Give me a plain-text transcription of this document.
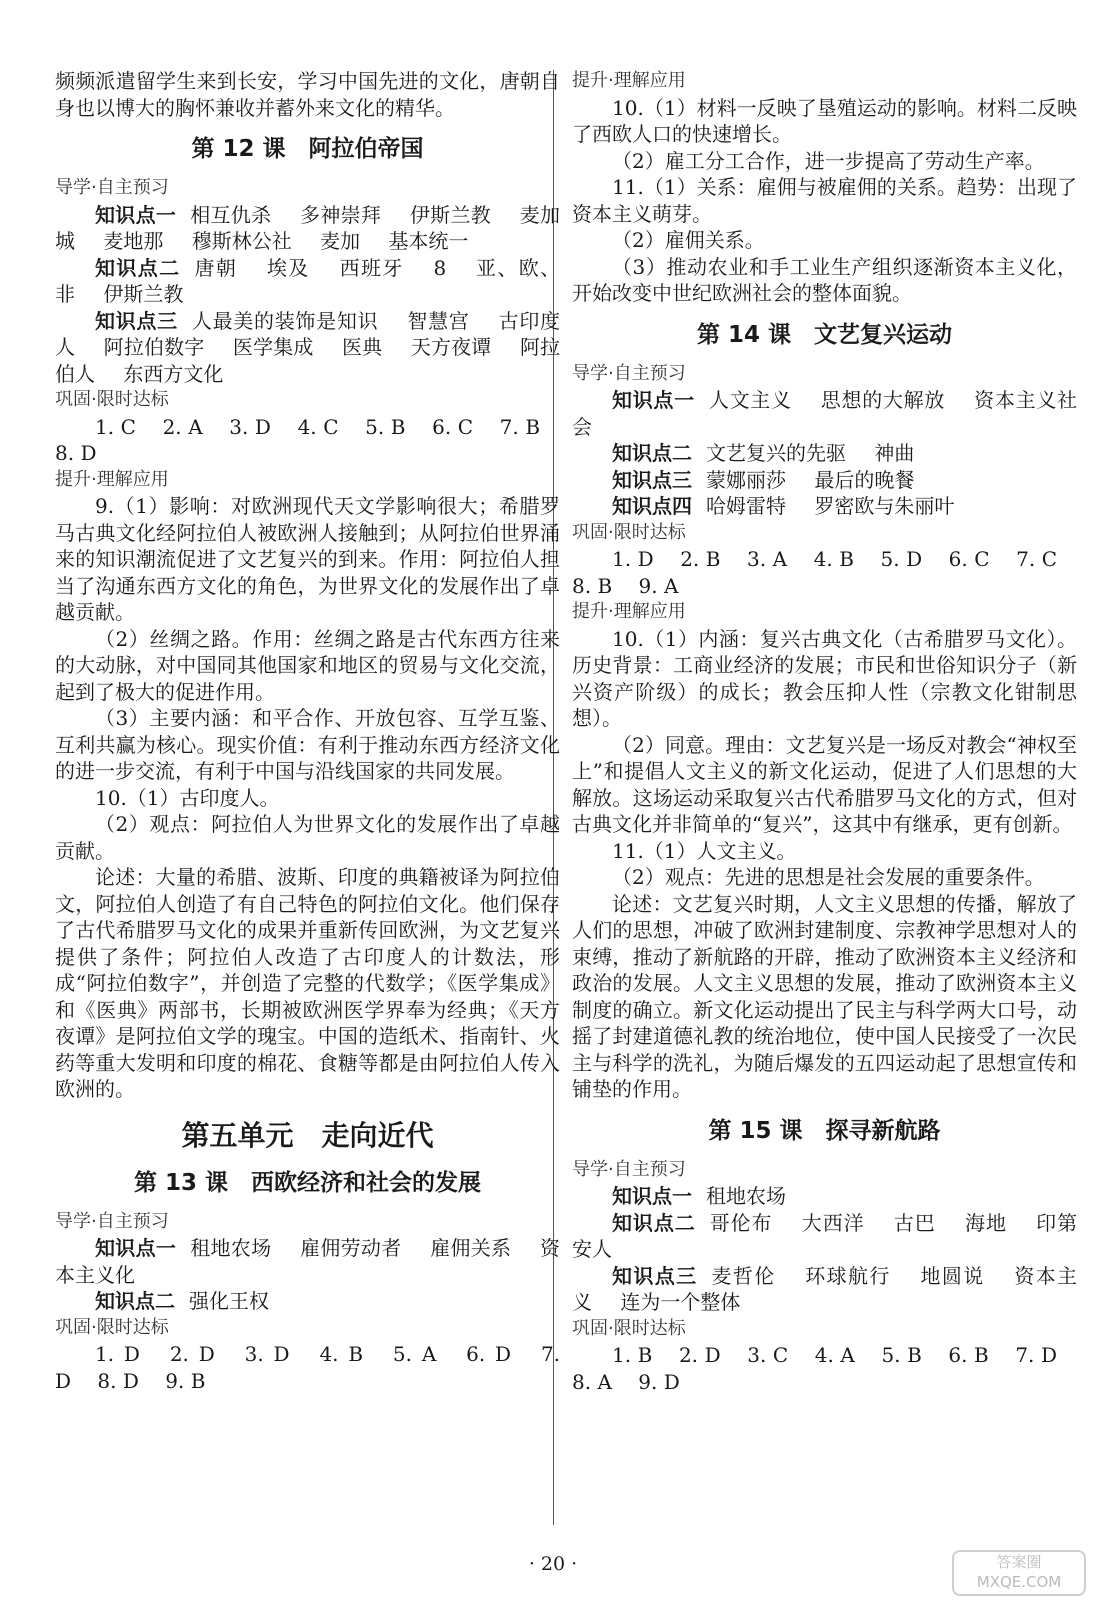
频频派遣留学生来到长安，学习中国先进的文化，唐朝自身也以博大的胸怀兼收并蓄外来文化的精华。

第 12 课　阿拉伯帝国

导学·自主预习

知识点一 相互仇杀 多神崇拜 伊斯兰教 麦加城 麦地那 穆斯林公社 麦加 基本统一

知识点二 唐朝 埃及 西班牙 8 亚、欧、非 伊斯兰教

知识点三 人最美的装饰是知识 智慧宫 古印度人 阿拉伯数字 医学集成 医典 天方夜谭 阿拉伯人 东西方文化

巩固·限时达标

1. C 2. A 3. D 4. C 5. B 6. C 7. B 8. D

提升·理解应用

9.（1）影响：对欧洲现代天文学影响很大；希腊罗马古典文化经阿拉伯人被欧洲人接触到；从阿拉伯世界涌来的知识潮流促进了文艺复兴的到来。作用：阿拉伯人担当了沟通东西方文化的角色，为世界文化的发展作出了卓越贡献。

（2）丝绸之路。作用：丝绸之路是古代东西方往来的大动脉，对中国同其他国家和地区的贸易与文化交流，起到了极大的促进作用。

（3）主要内涵：和平合作、开放包容、互学互鉴、互利共赢为核心。现实价值：有利于推动东西方经济文化的进一步交流，有利于中国与沿线国家的共同发展。

10.（1）古印度人。

（2）观点：阿拉伯人为世界文化的发展作出了卓越贡献。

论述：大量的希腊、波斯、印度的典籍被译为阿拉伯文，阿拉伯人创造了有自己特色的阿拉伯文化。他们保存了古代希腊罗马文化的成果并重新传回欧洲，为文艺复兴提供了条件；阿拉伯人改造了古印度人的计数法，形成“阿拉伯数字”，并创造了完整的代数学；《医学集成》和《医典》两部书，长期被欧洲医学界奉为经典；《天方夜谭》是阿拉伯文学的瑰宝。中国的造纸术、指南针、火药等重大发明和印度的棉花、食糖等都是由阿拉伯人传入欧洲的。

第五单元　走向近代
第 13 课　西欧经济和社会的发展

导学·自主预习

知识点一 租地农场 雇佣劳动者 雇佣关系 资本主义化

知识点二 强化王权

巩固·限时达标

1. D 2. D 3. D 4. B 5. A 6. D 7. D 8. D 9. B

提升·理解应用

10.（1）材料一反映了垦殖运动的影响。材料二反映了西欧人口的快速增长。

（2）雇工分工合作，进一步提高了劳动生产率。

11.（1）关系：雇佣与被雇佣的关系。趋势：出现了资本主义萌芽。

（2）雇佣关系。

（3）推动农业和手工业生产组织逐渐资本主义化，开始改变中世纪欧洲社会的整体面貌。

第 14 课　文艺复兴运动

导学·自主预习

知识点一 人文主义 思想的大解放 资本主义社会

知识点二 文艺复兴的先驱 神曲

知识点三 蒙娜丽莎 最后的晚餐

知识点四 哈姆雷特 罗密欧与朱丽叶

巩固·限时达标

1. D 2. B 3. A 4. B 5. D 6. C 7. C 8. B 9. A

提升·理解应用

10.（1）内涵：复兴古典文化（古希腊罗马文化）。历史背景：工商业经济的发展；市民和世俗知识分子（新兴资产阶级）的成长；教会压抑人性（宗教文化钳制思想）。

（2）同意。理由：文艺复兴是一场反对教会“神权至上”和提倡人文主义的新文化运动，促进了人们思想的大解放。这场运动采取复兴古代希腊罗马文化的方式，但对古典文化并非简单的“复兴”，这其中有继承，更有创新。

11.（1）人文主义。

（2）观点：先进的思想是社会发展的重要条件。

论述：文艺复兴时期，人文主义思想的传播，解放了人们的思想，冲破了欧洲封建制度、宗教神学思想对人的束缚，推动了新航路的开辟，推动了欧洲资本主义经济和政治的发展。人文主义思想的发展，推动了欧洲资本主义制度的确立。新文化运动提出了民主与科学两大口号，动摇了封建道德礼教的统治地位，使中国人民接受了一次民主与科学的洗礼，为随后爆发的五四运动起了思想宣传和铺垫的作用。

第 15 课　探寻新航路

导学·自主预习

知识点一 租地农场

知识点二 哥伦布 大西洋 古巴 海地 印第安人

知识点三 麦哲伦 环球航行 地圆说 资本主义 连为一个整体

巩固·限时达标

1. B 2. D 3. C 4. A 5. B 6. B 7. D 8. A 9. D

· 20 ·	答案圈
MXQE.COM
